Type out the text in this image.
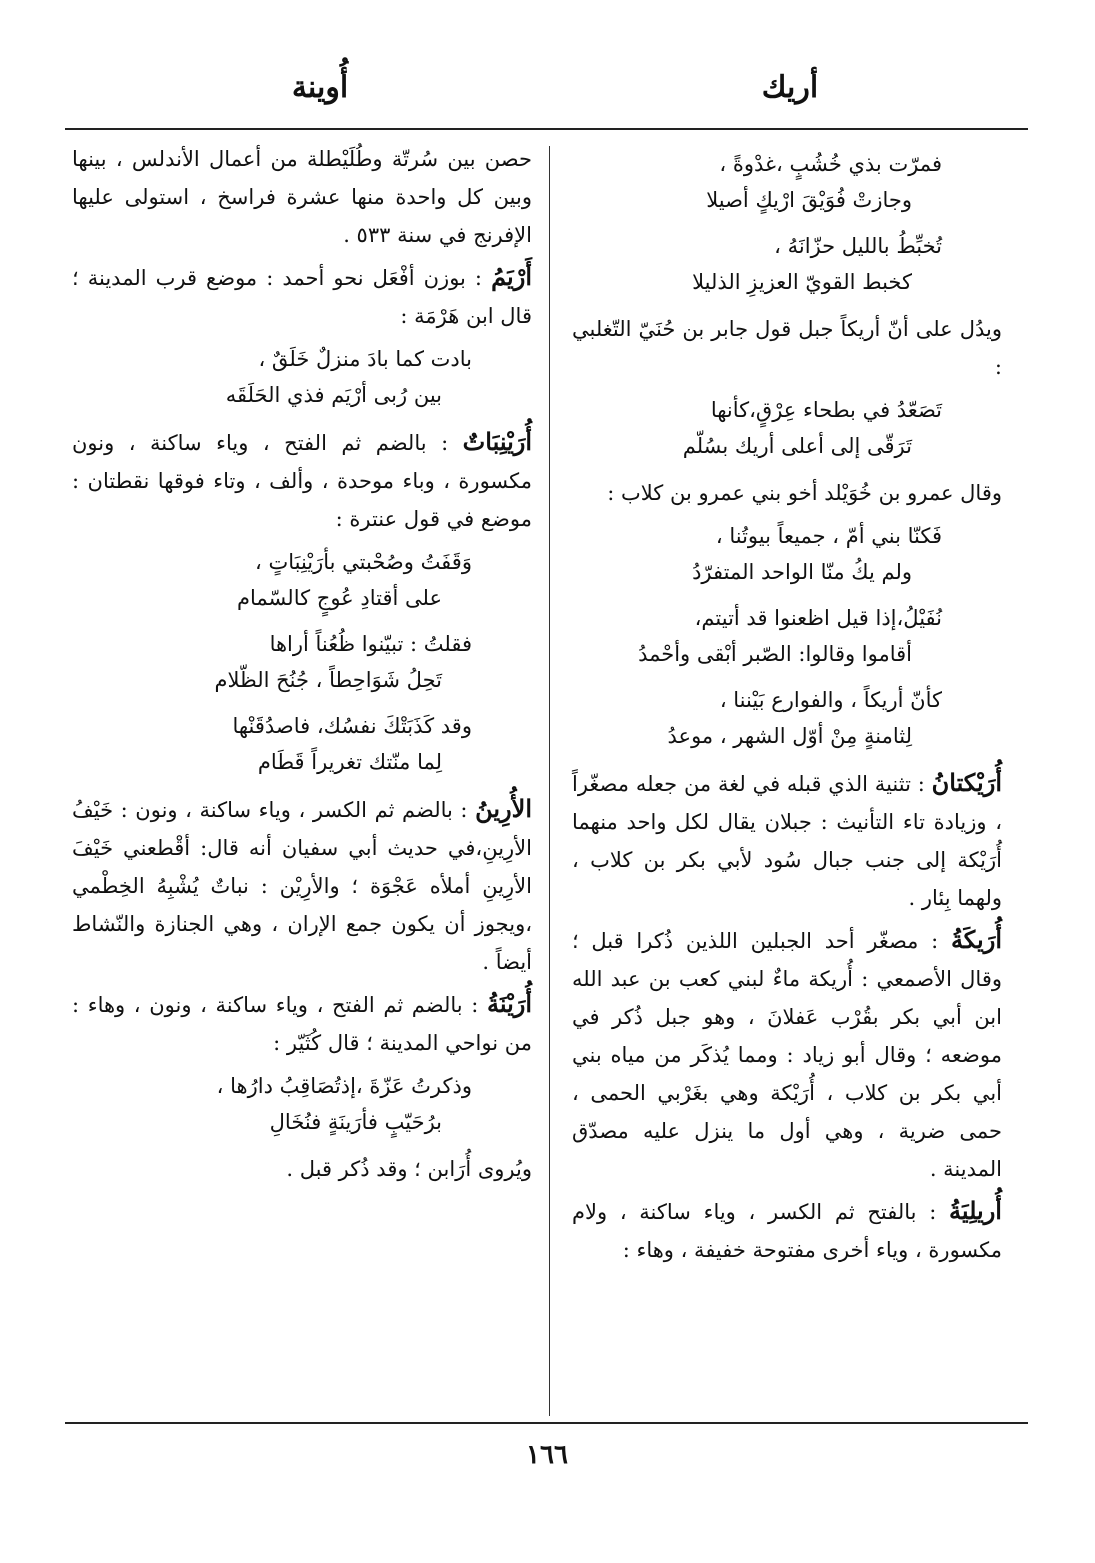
أريك
أُوينة
فمرّت بذي خُشُبٍ ،غدْوةً ،
وجازتْ فُوَيْقَ ارْيكٍ أصيلا
تُخبِّطُ بالليل حزّانَهُ ،
كخبط القويّ العزيزِ الذليلا

ويدُل على أنّ أريكاً جبل قول جابر بن حُنَيّ التّغلبي :

تَصَعّدُ في بطحاء عِرْقٍ،كأنها
تَرَقّى إلى أعلى أريك بسُلّم

وقال عمرو بن خُوَيْلد أخو بني عمرو بن كلاب :

فَكنّا بني أمّ ، جميعاً بيوتُنا ،
ولم يكُ منّا الواحد المتفرّدُ
نُفَيْلُ،إذا قيل اظعنوا قد أتيتم،
أقاموا وقالوا: الصّبر أبْقى وأحْمدُ
كأنّ أريكاً ، والفوارع بَيْننا ،
لِثامنةٍ مِنْ أوّل الشهر ، موعدُ

أُرَيْكتانُ : تثنية الذي قبله في لغة من جعله مصغّراً ، وزيادة تاء التأنيث : جبلان يقال لكل واحد منهما أُرَيْكة إلى جنب جبال سُود لأبي بكر بن كلاب ، ولهما بِئار .

أُرَيكَةُ : مصغّر أحد الجبلين اللذين ذُكرا قبل ؛ وقال الأصمعي : أُريكة ماءٌ لبني كعب بن عبد الله ابن أبي بكر بقُرْب عَفلانَ ، وهو جبل ذُكر في موضعه ؛ وقال أبو زياد : ومما يُذكَر من مياه بني أبي بكر بن كلاب ، أُرَيْكة وهي بغَرْبي الحمى ، حمى ضرية ، وهي أول ما ينزل عليه مصدّق المدينة .

أُريلِيَةُ : بالفتح ثم الكسر ، وياء ساكنة ، ولام مكسورة ، وياء أخرى مفتوحة خفيفة ، وهاء :

حصن بين سُرتّة وطُلَيْطلة من أعمال الأندلس ، بينها وبين كل واحدة منها عشرة فراسخ ، استولى عليها الإفرنج في سنة ٥٣٣ .

أَرْيَمُ : بوزن أفْعَل نحو أحمد : موضع قرب المدينة ؛ قال ابن هَرْمَة :

بادت كما بادَ منزلٌ خَلَقٌ ،
بين رُبى أرْيَم فذي الحَلَقَه

أُرَيْنِبَاتٌ : بالضم ثم الفتح ، وياء ساكنة ، ونون مكسورة ، وباء موحدة ، وألف ، وتاء فوقها نقطتان : موضع في قول عنترة :

وَقَفَتُ وصُحْبتي بأرَيْنِبَاتٍ ،
على أقتادِ عُوجٍ كالسّمام
فقلتُ : تبيّنوا ظُعُناً أراها
تَحِلُ شَوَاحِطاً ، جُنُحَ الظّلام
وقد كَذَبَتْكَ نفسُك، فاصدُقَنْها
لِما منّتك تغريراً قَطَام

الأُرِينُ : بالضم ثم الكسر ، وياء ساكنة ، ونون : خَيْفُ الأرِينِ،في حديث أبي سفيان أنه قال: أقْطعني خَيْفَ الأرِينِ أملأه عَجْوَة ؛ والأرِيْن : نباتٌ يُشْبِهُ الخِطْمي ،ويجوز أن يكون جمع الإران ، وهي الجنازة والنّشاط أيضاً .

أُرَيْنَةُ : بالضم ثم الفتح ، وياء ساكنة ، ونون ، وهاء : من نواحي المدينة ؛ قال كُثَيّر :

وذكرتُ عَزّةَ ،إذتُصَاقِبُ دارُها ،
برُحَيّبٍ فأرَينَةٍ فنُخَالِ

ويُروى أُرَابن ؛ وقد ذُكر قبل .

١٦٦
